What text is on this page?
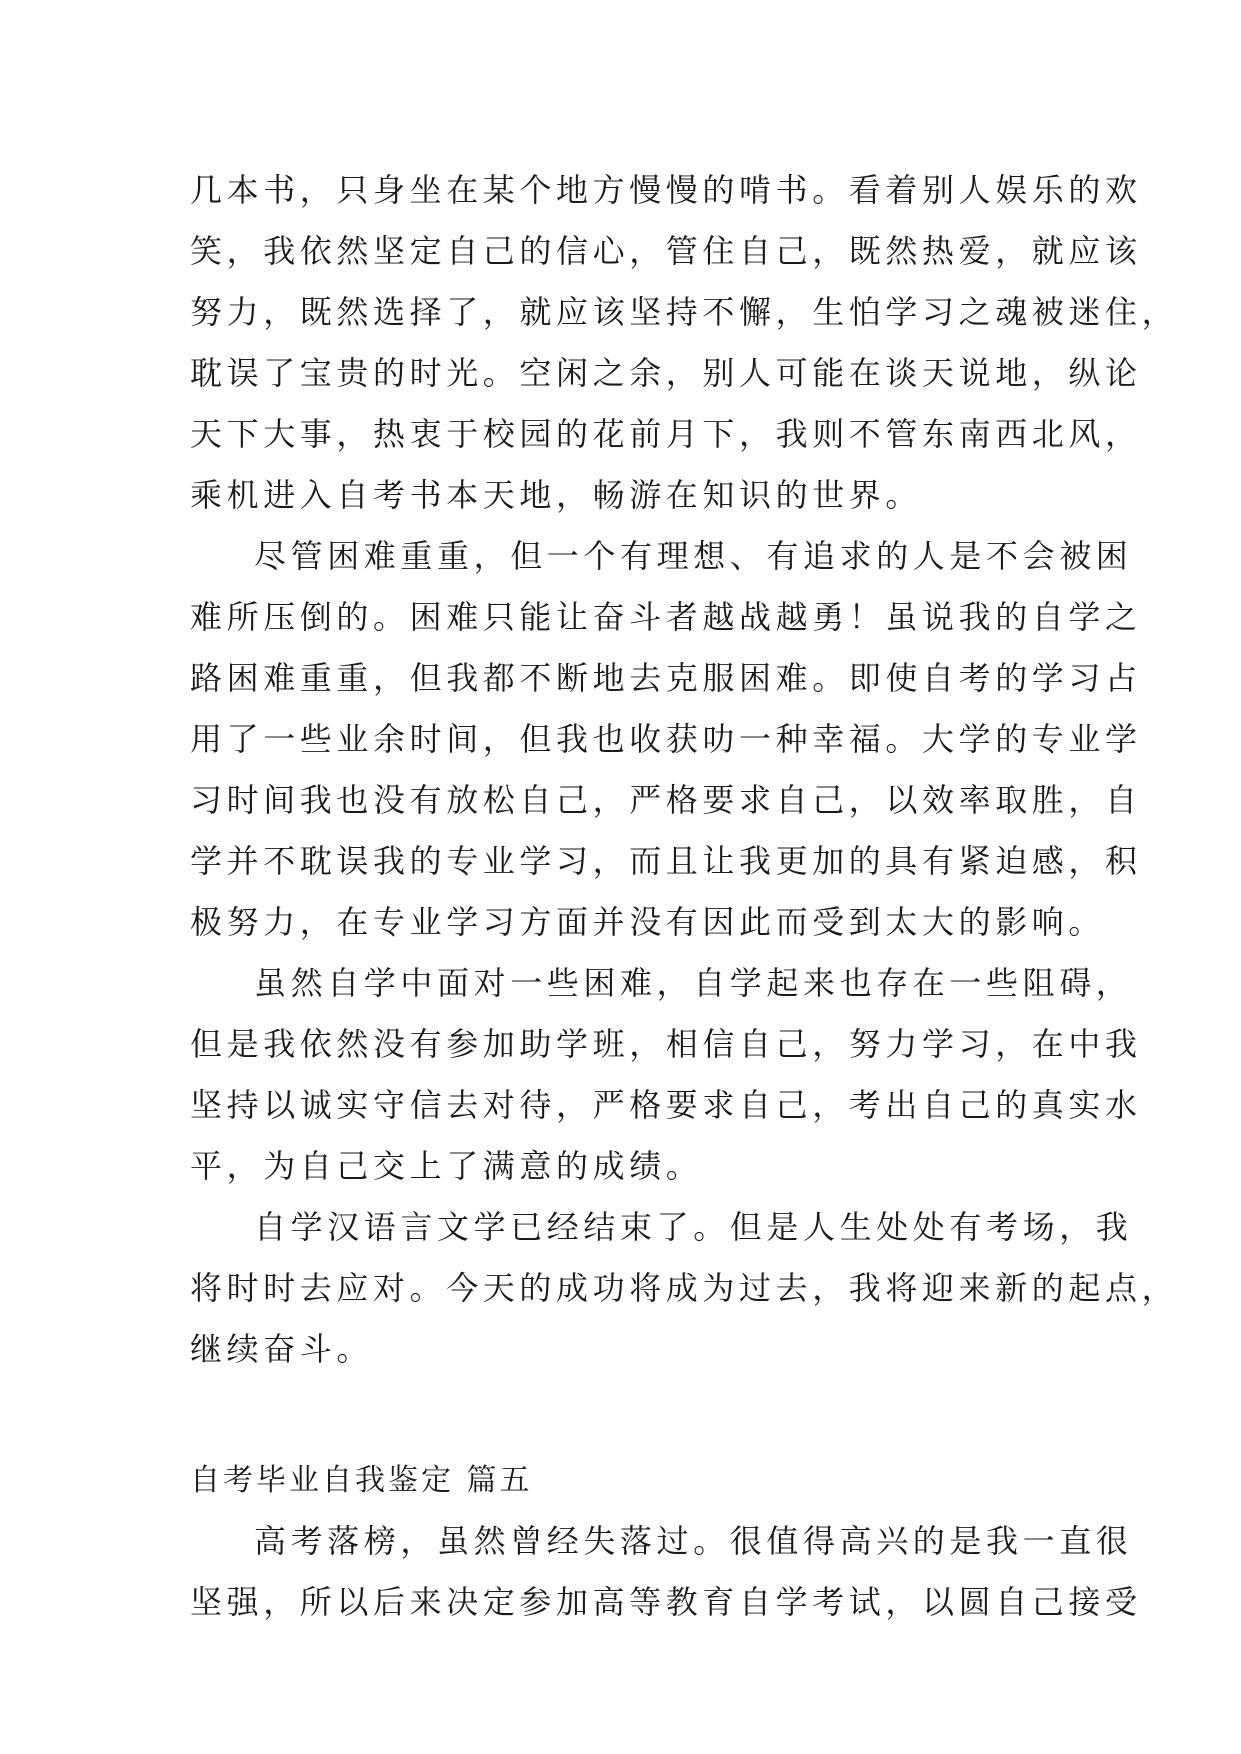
几本书，只身坐在某个地方慢慢的啃书。看着别人娱乐的欢
笑，我依然坚定自己的信心，管住自己，既然热爱，就应该
努力，既然选择了，就应该坚持不懈，生怕学习之魂被迷住，
耽误了宝贵的时光。空闲之余，别人可能在谈天说地，纵论
天下大事，热衷于校园的花前月下，我则不管东南西北风，
乘机进入自考书本天地，畅游在知识的世界。
尽管困难重重，但一个有理想、有追求的人是不会被困
难所压倒的。困难只能让奋斗者越战越勇！虽说我的自学之
路困难重重，但我都不断地去克服困难。即使自考的学习占
用了一些业余时间，但我也收获叻一种幸福。大学的专业学
习时间我也没有放松自己，严格要求自己，以效率取胜，自
学并不耽误我的专业学习，而且让我更加的具有紧迫感，积
极努力，在专业学习方面并没有因此而受到太大的影响。
虽然自学中面对一些困难，自学起来也存在一些阻碍，
但是我依然没有参加助学班，相信自己，努力学习，在中我
坚持以诚实守信去对待，严格要求自己，考出自己的真实水
平，为自己交上了满意的成绩。
自学汉语言文学已经结束了。但是人生处处有考场，我
将时时去应对。今天的成功将成为过去，我将迎来新的起点，
继续奋斗。
自考毕业自我鉴定 篇五
高考落榜，虽然曾经失落过。很值得高兴的是我一直很
坚强，所以后来决定参加高等教育自学考试，以圆自己接受
